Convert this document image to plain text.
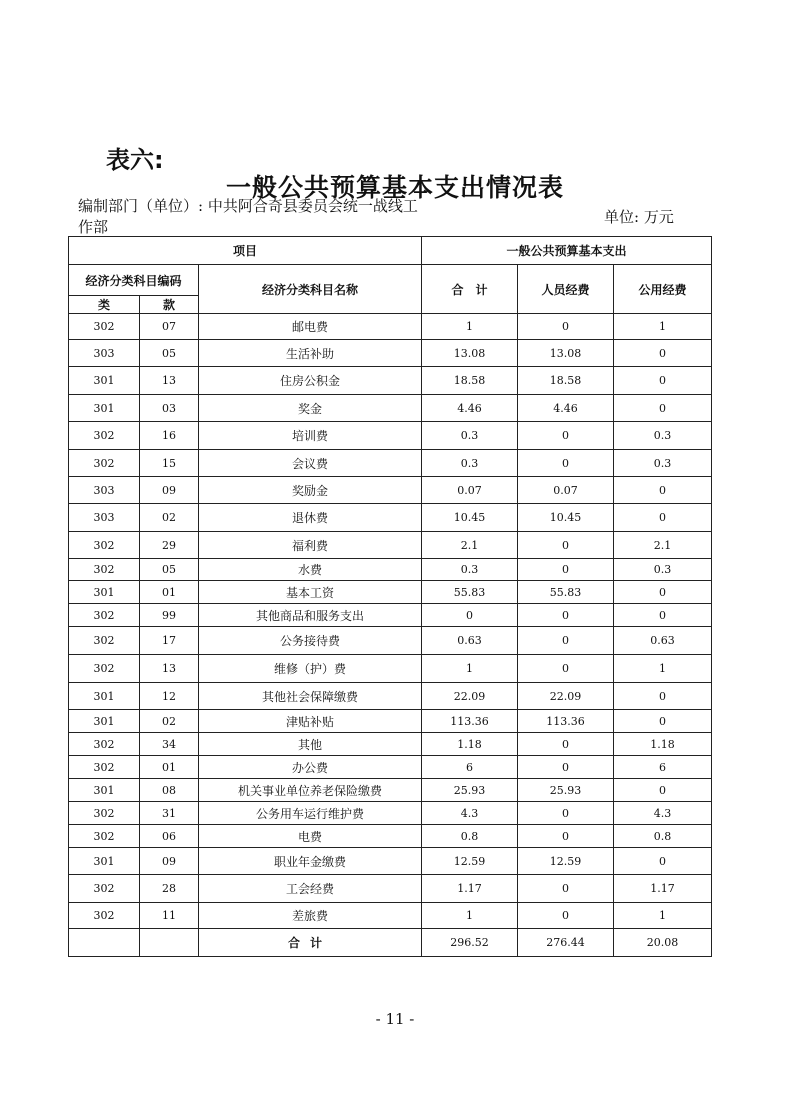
表六:
一般公共预算基本支出情况表
编制部门（单位）: 中共阿合奇县委员会统一战线工作部
单位: 万元
项目			一般公共预算基本支出		
经济分类科目编码		经济分类科目名称	合　计	人员经费	公用经费
类	款				
302	07	邮电费	1	0	1
303	05	生活补助	13.08	13.08	0
301	13	住房公积金	18.58	18.58	0
301	03	奖金	4.46	4.46	0
302	16	培训费	0.3	0	0.3
302	15	会议费	0.3	0	0.3
303	09	奖励金	0.07	0.07	0
303	02	退休费	10.45	10.45	0
302	29	福利费	2.1	0	2.1
302	05	水费	0.3	0	0.3
301	01	基本工资	55.83	55.83	0
302	99	其他商品和服务支出	0	0	0
302	17	公务接待费	0.63	0	0.63
302	13	维修（护）费	1	0	1
301	12	其他社会保障缴费	22.09	22.09	0
301	02	津贴补贴	113.36	113.36	0
302	34	其他	1.18	0	1.18
302	01	办公费	6	0	6
301	08	机关事业单位养老保险缴费	25.93	25.93	0
302	31	公务用车运行维护费	4.3	0	4.3
302	06	电费	0.8	0	0.8
301	09	职业年金缴费	12.59	12.59	0
302	28	工会经费	1.17	0	1.17
302	11	差旅费	1	0	1
		合计	296.52	276.44	20.08
- 11 -
